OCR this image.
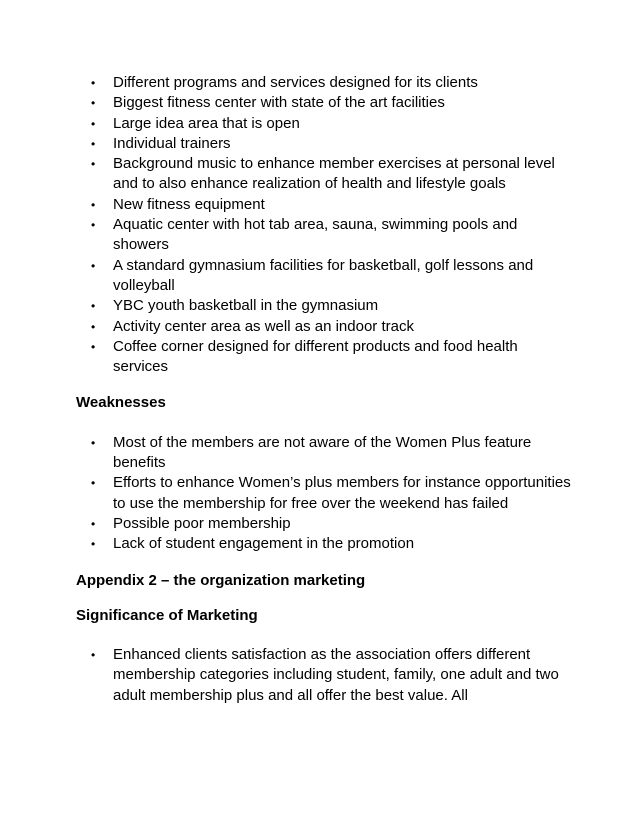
• Different programs and services designed for its clients
• Biggest fitness center with state of the art facilities
• Large idea area that is open
• Individual trainers
• Background music to enhance member exercises at personal level and to also enhance realization of health and lifestyle goals
• New fitness equipment
• Aquatic center with hot tab area, sauna, swimming pools and showers
• A standard gymnasium facilities for basketball, golf lessons and volleyball
• YBC youth basketball in the gymnasium
• Activity center area as well as an indoor track
• Coffee corner designed for different products and food health services

Weaknesses

• Most of the members are not aware of the Women Plus feature benefits
• Efforts to enhance Women’s plus members for instance opportunities to use the membership for free over the weekend has failed
• Possible poor membership
• Lack of student engagement in the promotion

Appendix 2 – the organization marketing

Significance of Marketing

• Enhanced clients satisfaction as the association offers different membership categories including student, family, one adult and two adult membership plus and all offer the best value. All
